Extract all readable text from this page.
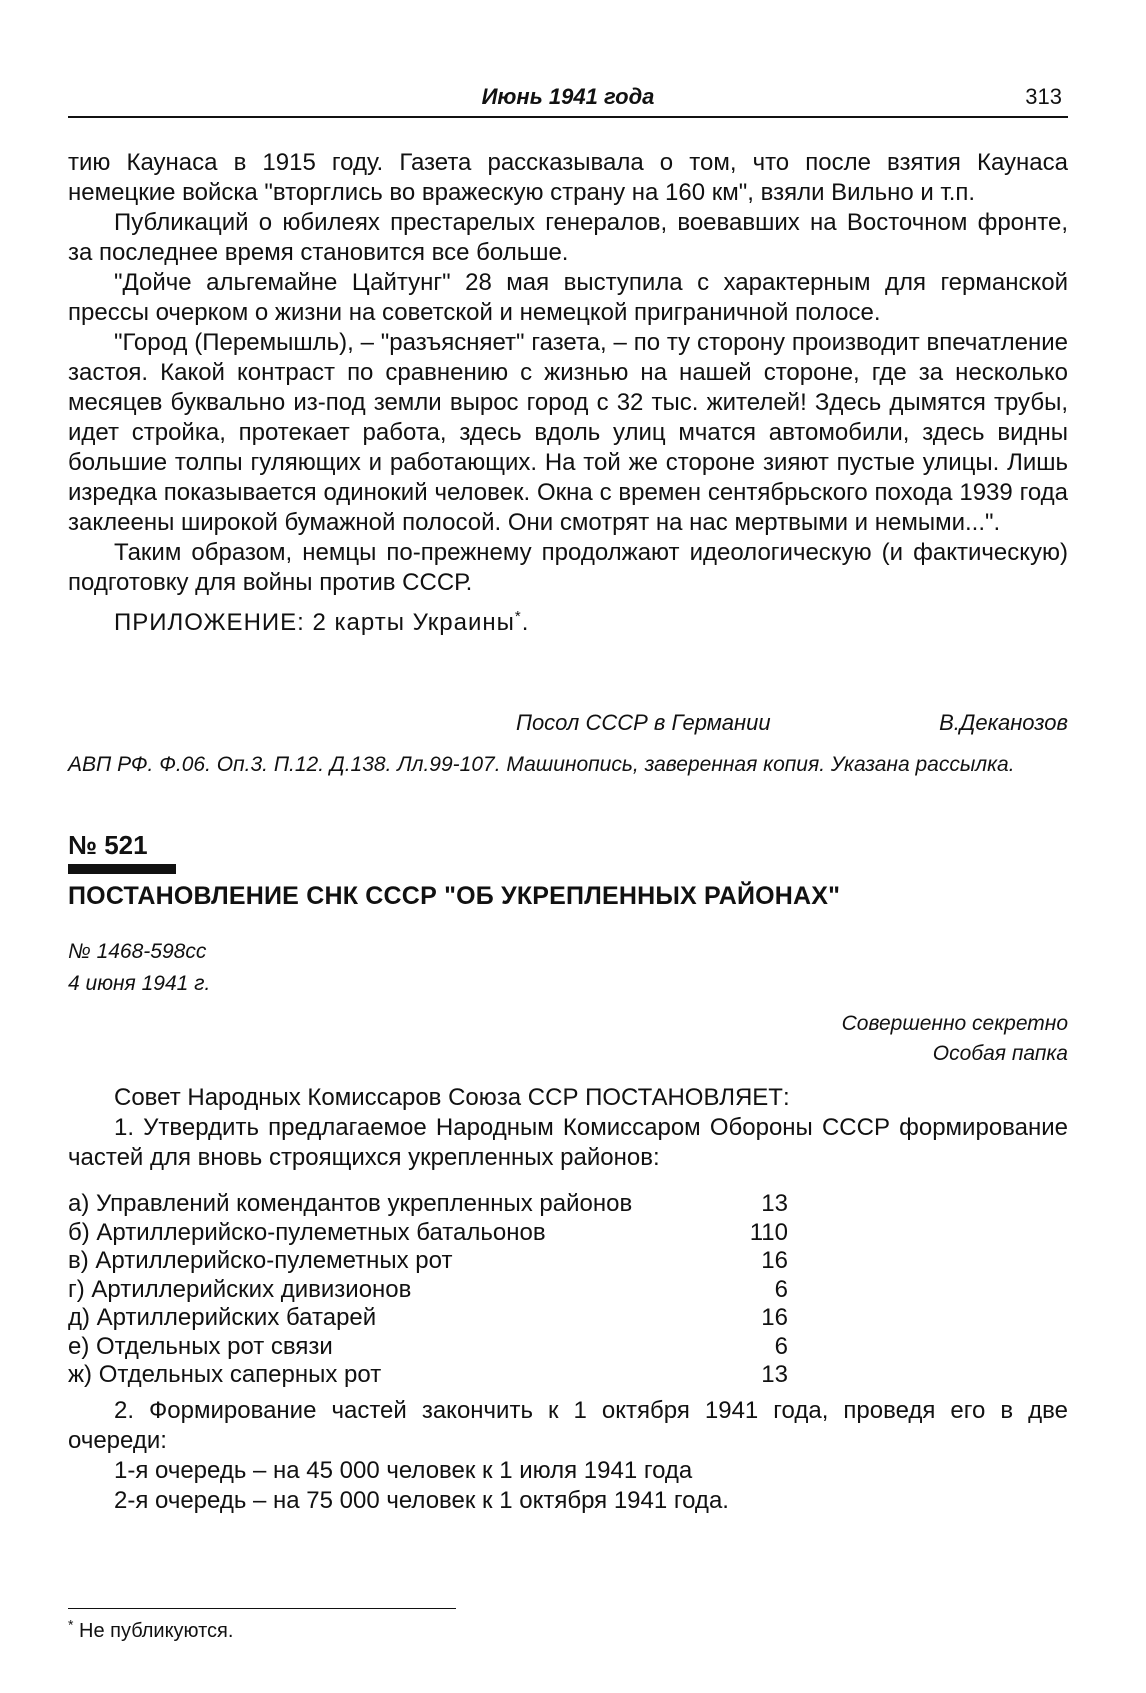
Июнь 1941 года	313

тию Каунаса в 1915 году. Газета рассказывала о том, что после взятия Каунаса немецкие войска "вторглись во вражескую страну на 160 км", взяли Вильно и т.п.

Публикаций о юбилеях престарелых генералов, воевавших на Восточном фронте, за последнее время становится все больше.

"Дойче альгемайне Цайтунг" 28 мая выступила с характерным для германской прессы очерком о жизни на советской и немецкой приграничной полосе.

"Город (Перемышль), – "разъясняет" газета, – по ту сторону производит впечатление застоя. Какой контраст по сравнению с жизнью на нашей стороне, где за несколько месяцев буквально из-под земли вырос город с 32 тыс. жителей! Здесь дымятся трубы, идет стройка, протекает работа, здесь вдоль улиц мчатся автомобили, здесь видны большие толпы гуляющих и работающих. На той же стороне зияют пустые улицы. Лишь изредка показывается одинокий человек. Окна с времен сентябрьского похода 1939 года заклеены широкой бумажной полосой. Они смотрят на нас мертвыми и немыми...".

Таким образом, немцы по-прежнему продолжают идеологическую (и фактическую) подготовку для войны против СССР.

ПРИЛОЖЕНИЕ: 2 карты Украины*.

Посол СССР в Германии	В.Деканозов
АВП РФ. Ф.06. Оп.3. П.12. Д.138. Лл.99-107. Машинопись, заверенная копия. Указана рассылка.
№ 521
ПОСТАНОВЛЕНИЕ СНК СССР "ОБ УКРЕПЛЕННЫХ РАЙОНАХ"
№ 1468-598сс
4 июня 1941 г.
Совершенно секретно
Особая папка

Совет Народных Комиссаров Союза ССР ПОСТАНОВЛЯЕТ:

1. Утвердить предлагаемое Народным Комиссаром Обороны СССР формирование частей для вновь строящихся укрепленных районов:

а) Управлений комендантов укрепленных районов	13
б) Артиллерийско-пулеметных батальонов	110
в) Артиллерийско-пулеметных рот	16
г) Артиллерийских дивизионов	6
д) Артиллерийских батарей	16
е) Отдельных рот связи	6
ж) Отдельных саперных рот	13

2. Формирование частей закончить к 1 октября 1941 года, проведя его в две очереди:

1-я очередь – на 45 000 человек к 1 июля 1941 года

2-я очередь – на 75 000 человек к 1 октября 1941 года.

* Не публикуются.
